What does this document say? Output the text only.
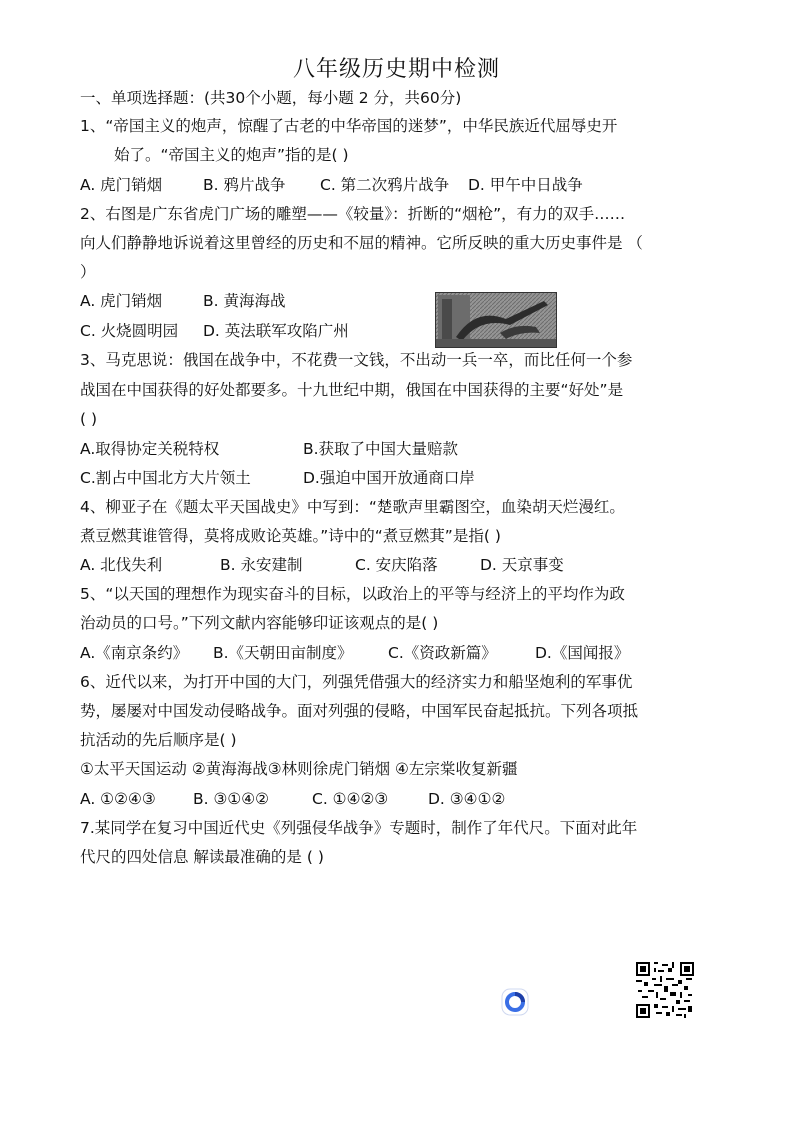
八年级历史期中检测
一、单项选择题：(共30个小题，每小题 2 分，共60分)
1、“帝国主义的炮声，惊醒了古老的中华帝国的迷梦”，中华民族近代屈辱史开
始了。“帝国主义的炮声”指的是( )
A. 虎门销烟	B. 鸦片战争 C. 第二次鸦片战争 D. 甲午中日战争
2、右图是广东省虎门广场的雕塑——《较量》：折断的“烟枪”，有力的双手……
向人们静静地诉说着这里曾经的历史和不屈的精神。它所反映的重大历史事件是 （
）
A. 虎门销烟	B. 黄海海战
C. 火烧圆明园 D. 英法联军攻陷广州
3、马克思说：俄国在战争中，不花费一文钱，不出动一兵一卒，而比任何一个参
战国在中国获得的好处都要多。十九世纪中期，俄国在中国获得的主要“好处”是
( )
A.取得协定关税特权	B.获取了中国大量赔款
C.割占中国北方大片领土	D.强迫中国开放通商口岸
4、柳亚子在《题太平天国战史》中写到：“楚歌声里霸图空，血染胡天烂漫红。
煮豆燃萁谁管得，莫将成败论英雄。”诗中的“煮豆燃萁”是指( )
A. 北伐失利	B. 永安建制	C. 安庆陷落	D. 天京事变
5、“以天国的理想作为现实奋斗的目标，以政治上的平等与经济上的平均作为政
治动员的口号。”下列文献内容能够印证该观点的是( )
A.《南京条约》 B.《天朝田亩制度》 C.《资政新篇》 D.《国闻报》
6、近代以来，为打开中国的大门，列强凭借强大的经济实力和船坚炮利的军事优
势，屡屡对中国发动侵略战争。面对列强的侵略，中国军民奋起抵抗。下列各项抵
抗活动的先后顺序是( )
①太平天国运动 ②黄海海战③林则徐虎门销烟 ④左宗棠收复新疆
A. ①②④③ B. ③①④②	C. ①④②③	D. ③④①②
7.某同学在复习中国近代史《列强侵华战争》专题时，制作了年代尺。下面对此年
代尺的四处信息 解读最准确的是 ( )
